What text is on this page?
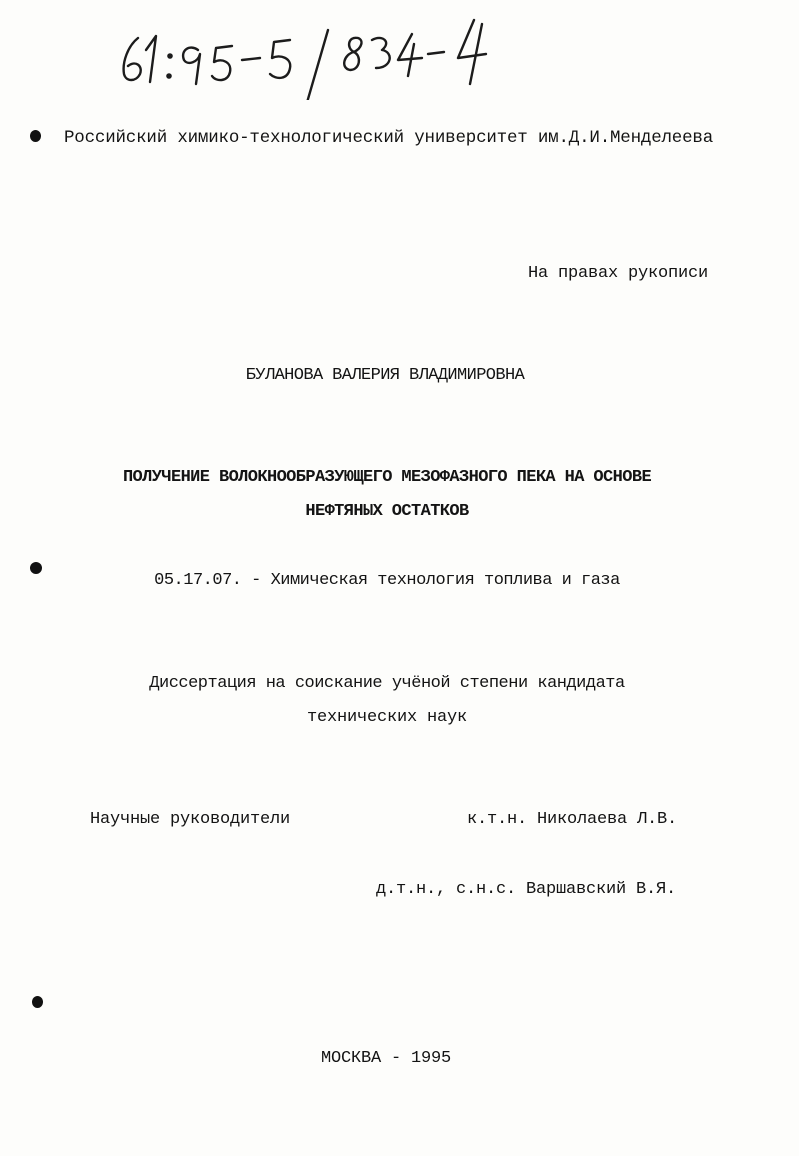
Российский химико-технологический университет им.Д.И.Менделеева
На правах рукописи
БУЛАНОВА ВАЛЕРИЯ ВЛАДИМИРОВНА
ПОЛУЧЕНИЕ ВОЛОКНООБРАЗУЮЩЕГО МЕЗОФАЗНОГО ПЕКА НА ОСНОВЕ
НЕФТЯНЫХ ОСТАТКОВ
05.17.07. - Химическая технология топлива и газа
Диссертация на соискание учёной степени кандидата
технических наук
Научные руководители	к.т.н. Николаева Л.В.
д.т.н., с.н.с. Варшавский В.Я.
МОСКВА - 1995
